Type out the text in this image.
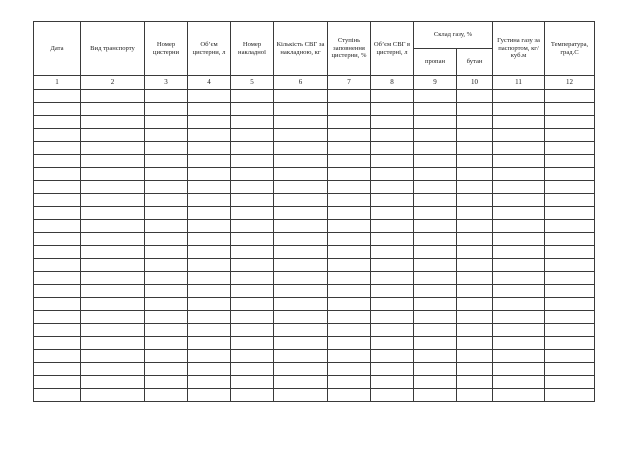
Дата	Вид транспорту	Номер цистерни	Об’єм цистерни, л	Номер накладної	Кількість СВГ за накладною, кг	Ступінь заповнення цистерни, %	Об’єм СВГ в цистерні, л	Склад газу, %		Густина газу за паспортом, кг/куб.м	Температура, град.С

								пропан	бутан		

1	2	3	4	5	6	7	8	9	10	11	12
